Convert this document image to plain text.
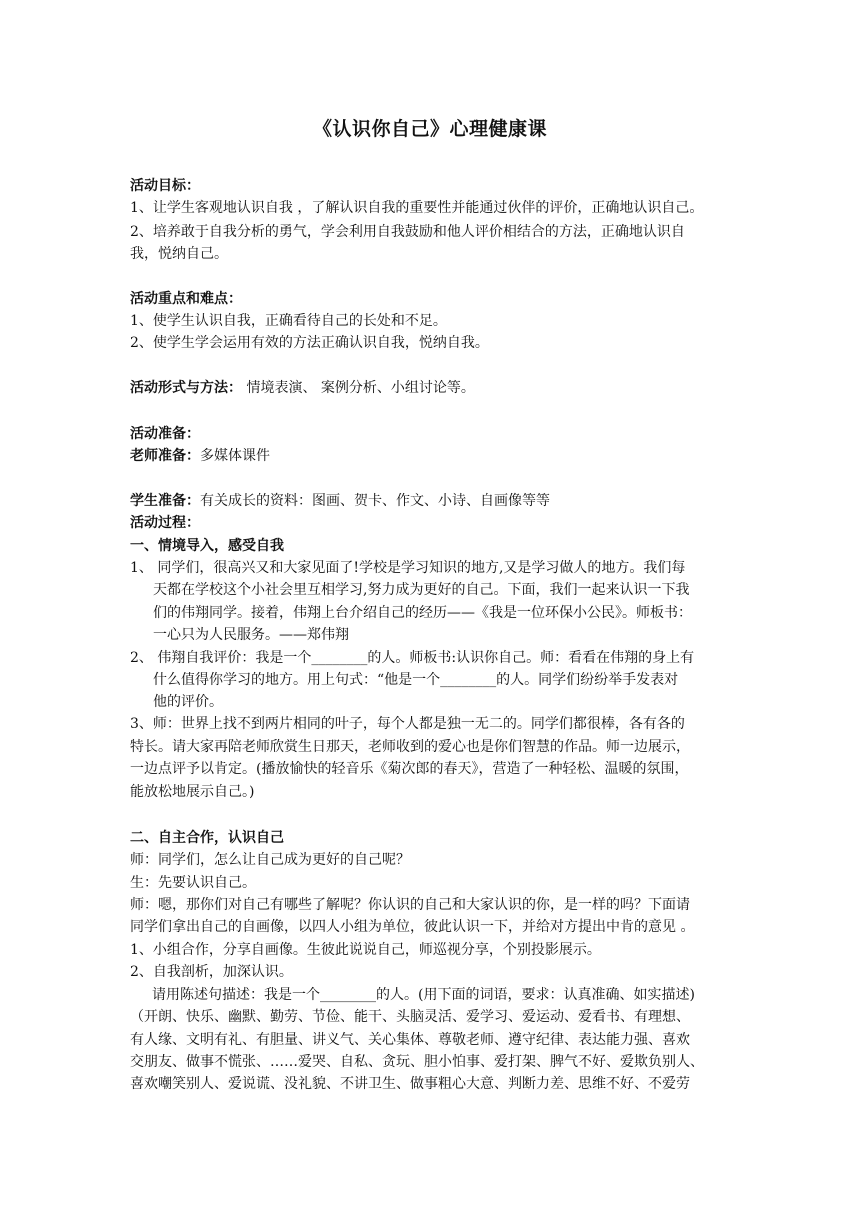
《认识你自己》心理健康课
活动目标：
1、让学生客观地认识自我 ，了解认识自我的重要性并能通过伙伴的评价，正确地认识自己。
2、培养敢于自我分析的勇气，学会利用自我鼓励和他人评价相结合的方法，正确地认识自
我，悦纳自己。
活动重点和难点：
1、使学生认识自我，正确看待自己的长处和不足。
2、使学生学会运用有效的方法正确认识自我，悦纳自我。
活动形式与方法： 情境表演、 案例分析、小组讨论等。
活动准备：
老师准备：多媒体课件
学生准备：有关成长的资料：图画、贺卡、作文、小诗、自画像等等
活动过程：
一、情境导入，感受自我
1、 同学们，很高兴又和大家见面了!学校是学习知识的地方,又是学习做人的地方。我们每
天都在学校这个小社会里互相学习,努力成为更好的自己。下面，我们一起来认识一下我
们的伟翔同学。接着，伟翔上台介绍自己的经历——《我是一位环保小公民》。师板书：
一心只为人民服务。——郑伟翔
2、 伟翔自我评价：我是一个________的人。师板书:认识你自己。师：看看在伟翔的身上有
什么值得你学习的地方。用上句式：“他是一个________的人。同学们纷纷举手发表对
他的评价。
3、师：世界上找不到两片相同的叶子，每个人都是独一无二的。同学们都很棒，各有各的
特长。请大家再陪老师欣赏生日那天，老师收到的爱心也是你们智慧的作品。师一边展示，
一边点评予以肯定。(播放愉快的轻音乐《菊次郎的春天》，营造了一种轻松、温暖的氛围，
能放松地展示自己。)
二、自主合作，认识自己
师：同学们，怎么让自己成为更好的自己呢？
生：先要认识自己。
师：嗯，那你们对自己有哪些了解呢？你认识的自己和大家认识的你，是一样的吗？下面请
同学们拿出自己的自画像，以四人小组为单位，彼此认识一下，并给对方提出中肯的意见 。
1、小组合作，分享自画像。生彼此说说自己，师巡视分享，个别投影展示。
2、自我剖析，加深认识。
请用陈述句描述：我是一个________的人。(用下面的词语，要求：认真准确、如实描述)
（开朗、快乐、幽默、勤劳、节俭、能干、头脑灵活、爱学习、爱运动、爱看书、有理想、
有人缘、文明有礼、有胆量、讲义气、关心集体、尊敬老师、遵守纪律、表达能力强、喜欢
交朋友、做事不慌张、……爱哭、自私、贪玩、胆小怕事、爱打架、脾气不好、爱欺负别人、
喜欢嘲笑别人、爱说谎、没礼貌、不讲卫生、做事粗心大意、判断力差、思维不好、不爱劳
